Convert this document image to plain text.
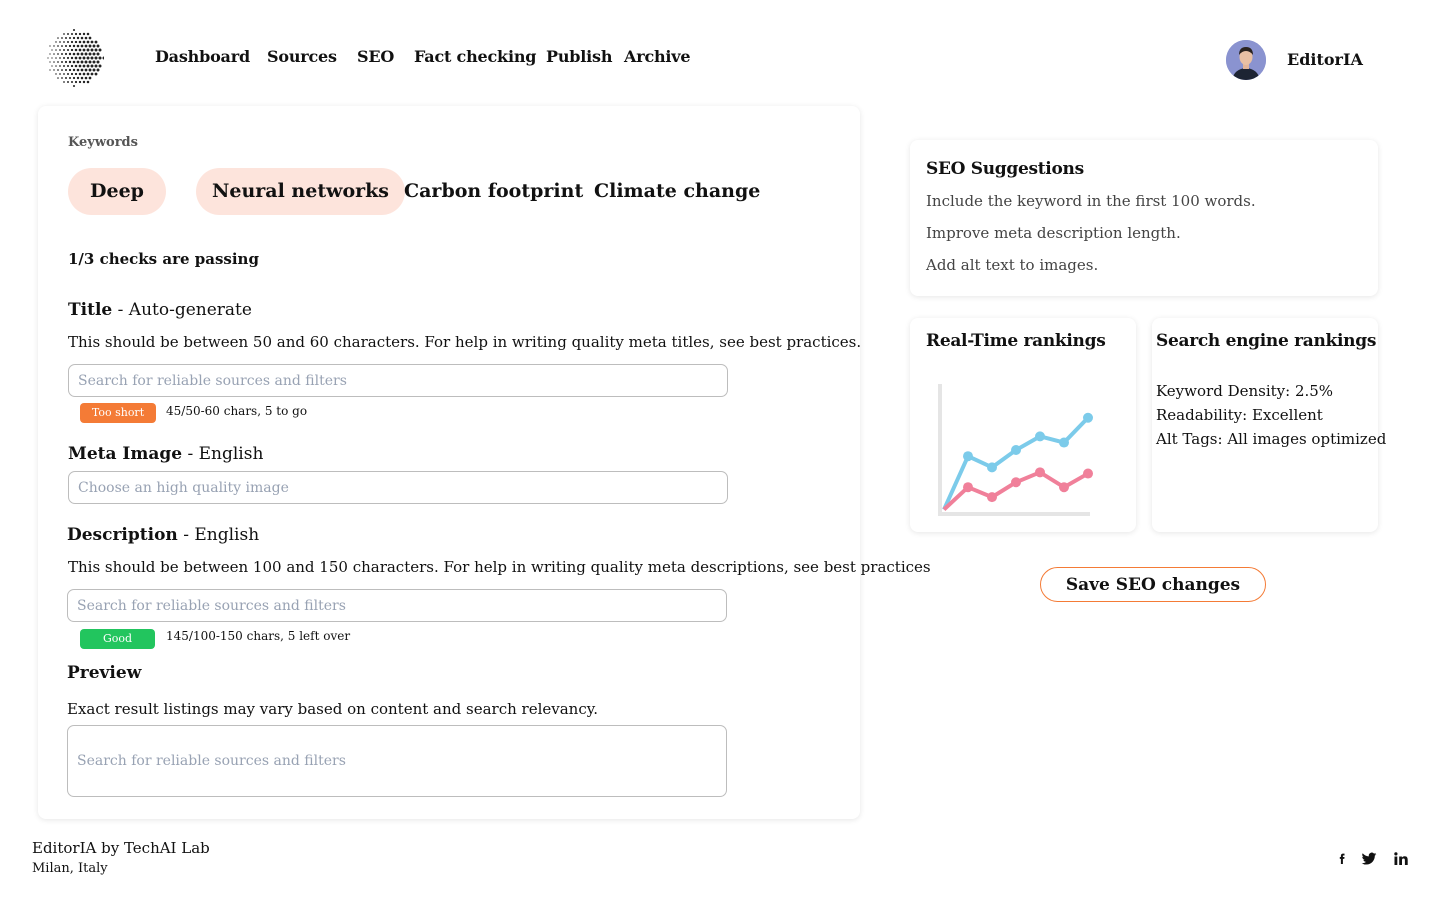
Dashboard Sources SEO Fact checking Publish Archive	EditorIA
Keywords
Deep	Neural networks Carbon footprint Climate change
1/3 checks are passing
Title - Auto-generate
This should be between 50 and 60 characters. For help in writing quality meta titles, see best practices.
Search for reliable sources and filters
Too short	45/50-60 chars, 5 to go
Meta Image - English
Choose an high quality image
Description - English
This should be between 100 and 150 characters. For help in writing quality meta descriptions, see best practices
Search for reliable sources and filters
Good	145/100-150 chars, 5 left over
Preview
Exact result listings may vary based on content and search relevancy.
Search for reliable sources and filters
SEO Suggestions
Include the keyword in the first 100 words.
Improve meta description length.
Add alt text to images.
Real-Time rankings	Search engine rankings
Keyword Density: 2.5%
Readability: Excellent
Alt Tags: All images optimized
Save SEO changes
EditorIA by TechAI Lab
Milan, Italy
